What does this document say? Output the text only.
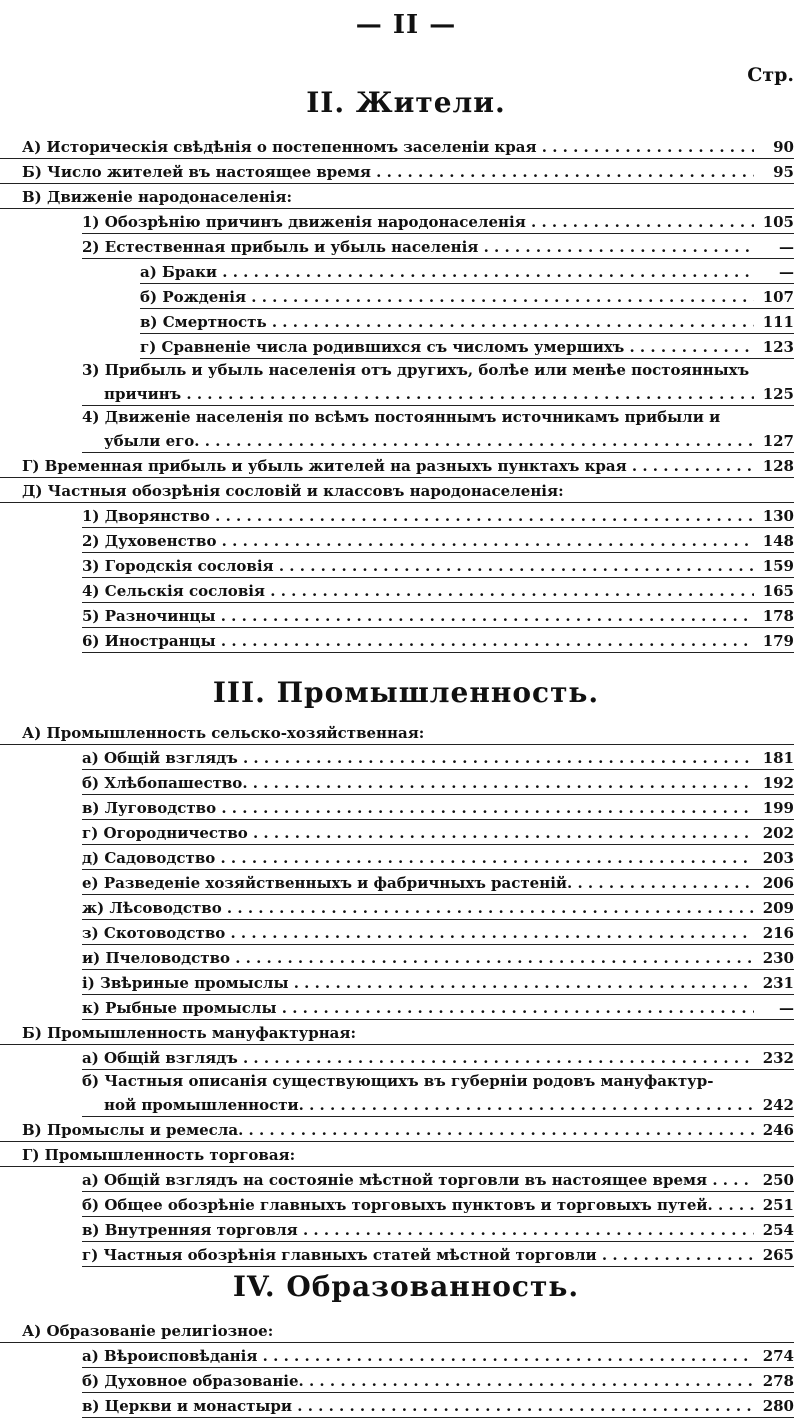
— II —
Стр.
II. Жители.
А) Историческія свѣдѣнія о постепенномъ заселеніи края . . .	90
Б) Число жителей въ настоящее время . . .	95
В) Движеніе народонаселенія:
1) Обозрѣнію причинъ движенія народонаселенія . . .	105
2) Естественная прибыль и убыль населенія . . .	—
а) Браки . . .	—
б) Рожденія . . .	107
в) Смертность . . .	111
г) Сравненіе числа родившихся съ числомъ умершихъ . . .	123
3) Прибыль и убыль населенія отъ другихъ, болѣе или менѣе постоянныхъ
причинъ . . .	125
4) Движеніе населенія по всѣмъ постояннымъ источникамъ прибыли и
убыли его. . . .	127
Г) Временная прибыль и убыль жителей на разныхъ пунктахъ края . . .	128
Д) Частныя обозрѣнія сословій и классовъ народонаселенія:
1) Дворянство . . .	130
2) Духовенство . . .	148
3) Городскія сословія . . .	159
4) Сельскія сословія . . .	165
5) Разночинцы . . .	178
6) Иностранцы . . .	179
III. Промышленность.
А) Промышленность сельско-хозяйственная:
а) Общій взглядъ . . .	181
б) Хлѣбопашество. . . .	192
в) Луговодство . . .	199
г) Огородничество . . .	202
д) Садоводство . . .	203
е) Разведеніе хозяйственныхъ и фабричныхъ растеній. . . .	206
ж) Лѣсоводство . . .	209
з) Скотоводство . . .	216
и) Пчеловодство . . .	230
і) Звѣриные промыслы . . .	231
к) Рыбные промыслы . . .	—
Б) Промышленность мануфактурная:
а) Общій взглядъ . . .	232
б) Частныя описанія существующихъ въ губерніи родовъ мануфактур-
ной промышленности. . . .	242
В) Промыслы и ремесла. . . .	246
Г) Промышленность торговая:
а) Общій взглядъ на состояніе мѣстной торговли въ настоящее время . . .	250
б) Общее обозрѣніе главныхъ торговыхъ пунктовъ и торговыхъ путей. . . .	251
в) Внутренняя торговля . . .	254
г) Частныя обозрѣнія главныхъ статей мѣстной торговли . . .	265
IV. Образованность.
А) Образованіе религіозное:
а) Вѣроисповѣданія . . .	274
б) Духовное образованіе. . . .	278
в) Церкви и монастыри . . .	280
